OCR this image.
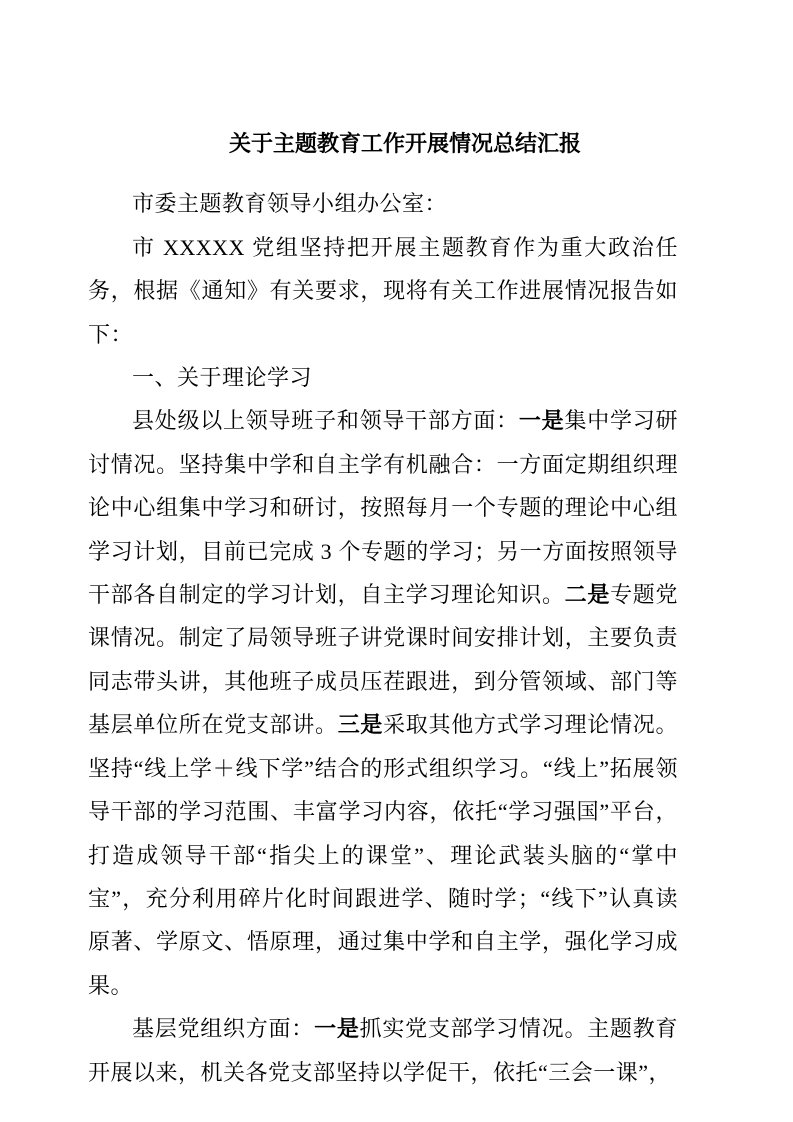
关于主题教育工作开展情况总结汇报

市委主题教育领导小组办公室：

市 XXXXX 党组坚持把开展主题教育作为重大政治任务，根据《通知》有关要求，现将有关工作进展情况报告如下：

一、关于理论学习

县处级以上领导班子和领导干部方面：一是集中学习研讨情况。坚持集中学和自主学有机融合：一方面定期组织理论中心组集中学习和研讨，按照每月一个专题的理论中心组学习计划，目前已完成 3 个专题的学习；另一方面按照领导干部各自制定的学习计划，自主学习理论知识。二是专题党课情况。制定了局领导班子讲党课时间安排计划，主要负责同志带头讲，其他班子成员压茬跟进，到分管领域、部门等基层单位所在党支部讲。三是采取其他方式学习理论情况。坚持“线上学＋线下学”结合的形式组织学习。“线上”拓展领导干部的学习范围、丰富学习内容，依托“学习强国”平台，打造成领导干部“指尖上的课堂”、理论武装头脑的“掌中宝”，充分利用碎片化时间跟进学、随时学；“线下”认真读原著、学原文、悟原理，通过集中学和自主学，强化学习成果。

基层党组织方面：一是抓实党支部学习情况。主题教育开展以来，机关各党支部坚持以学促干，依托“三会一课”，
